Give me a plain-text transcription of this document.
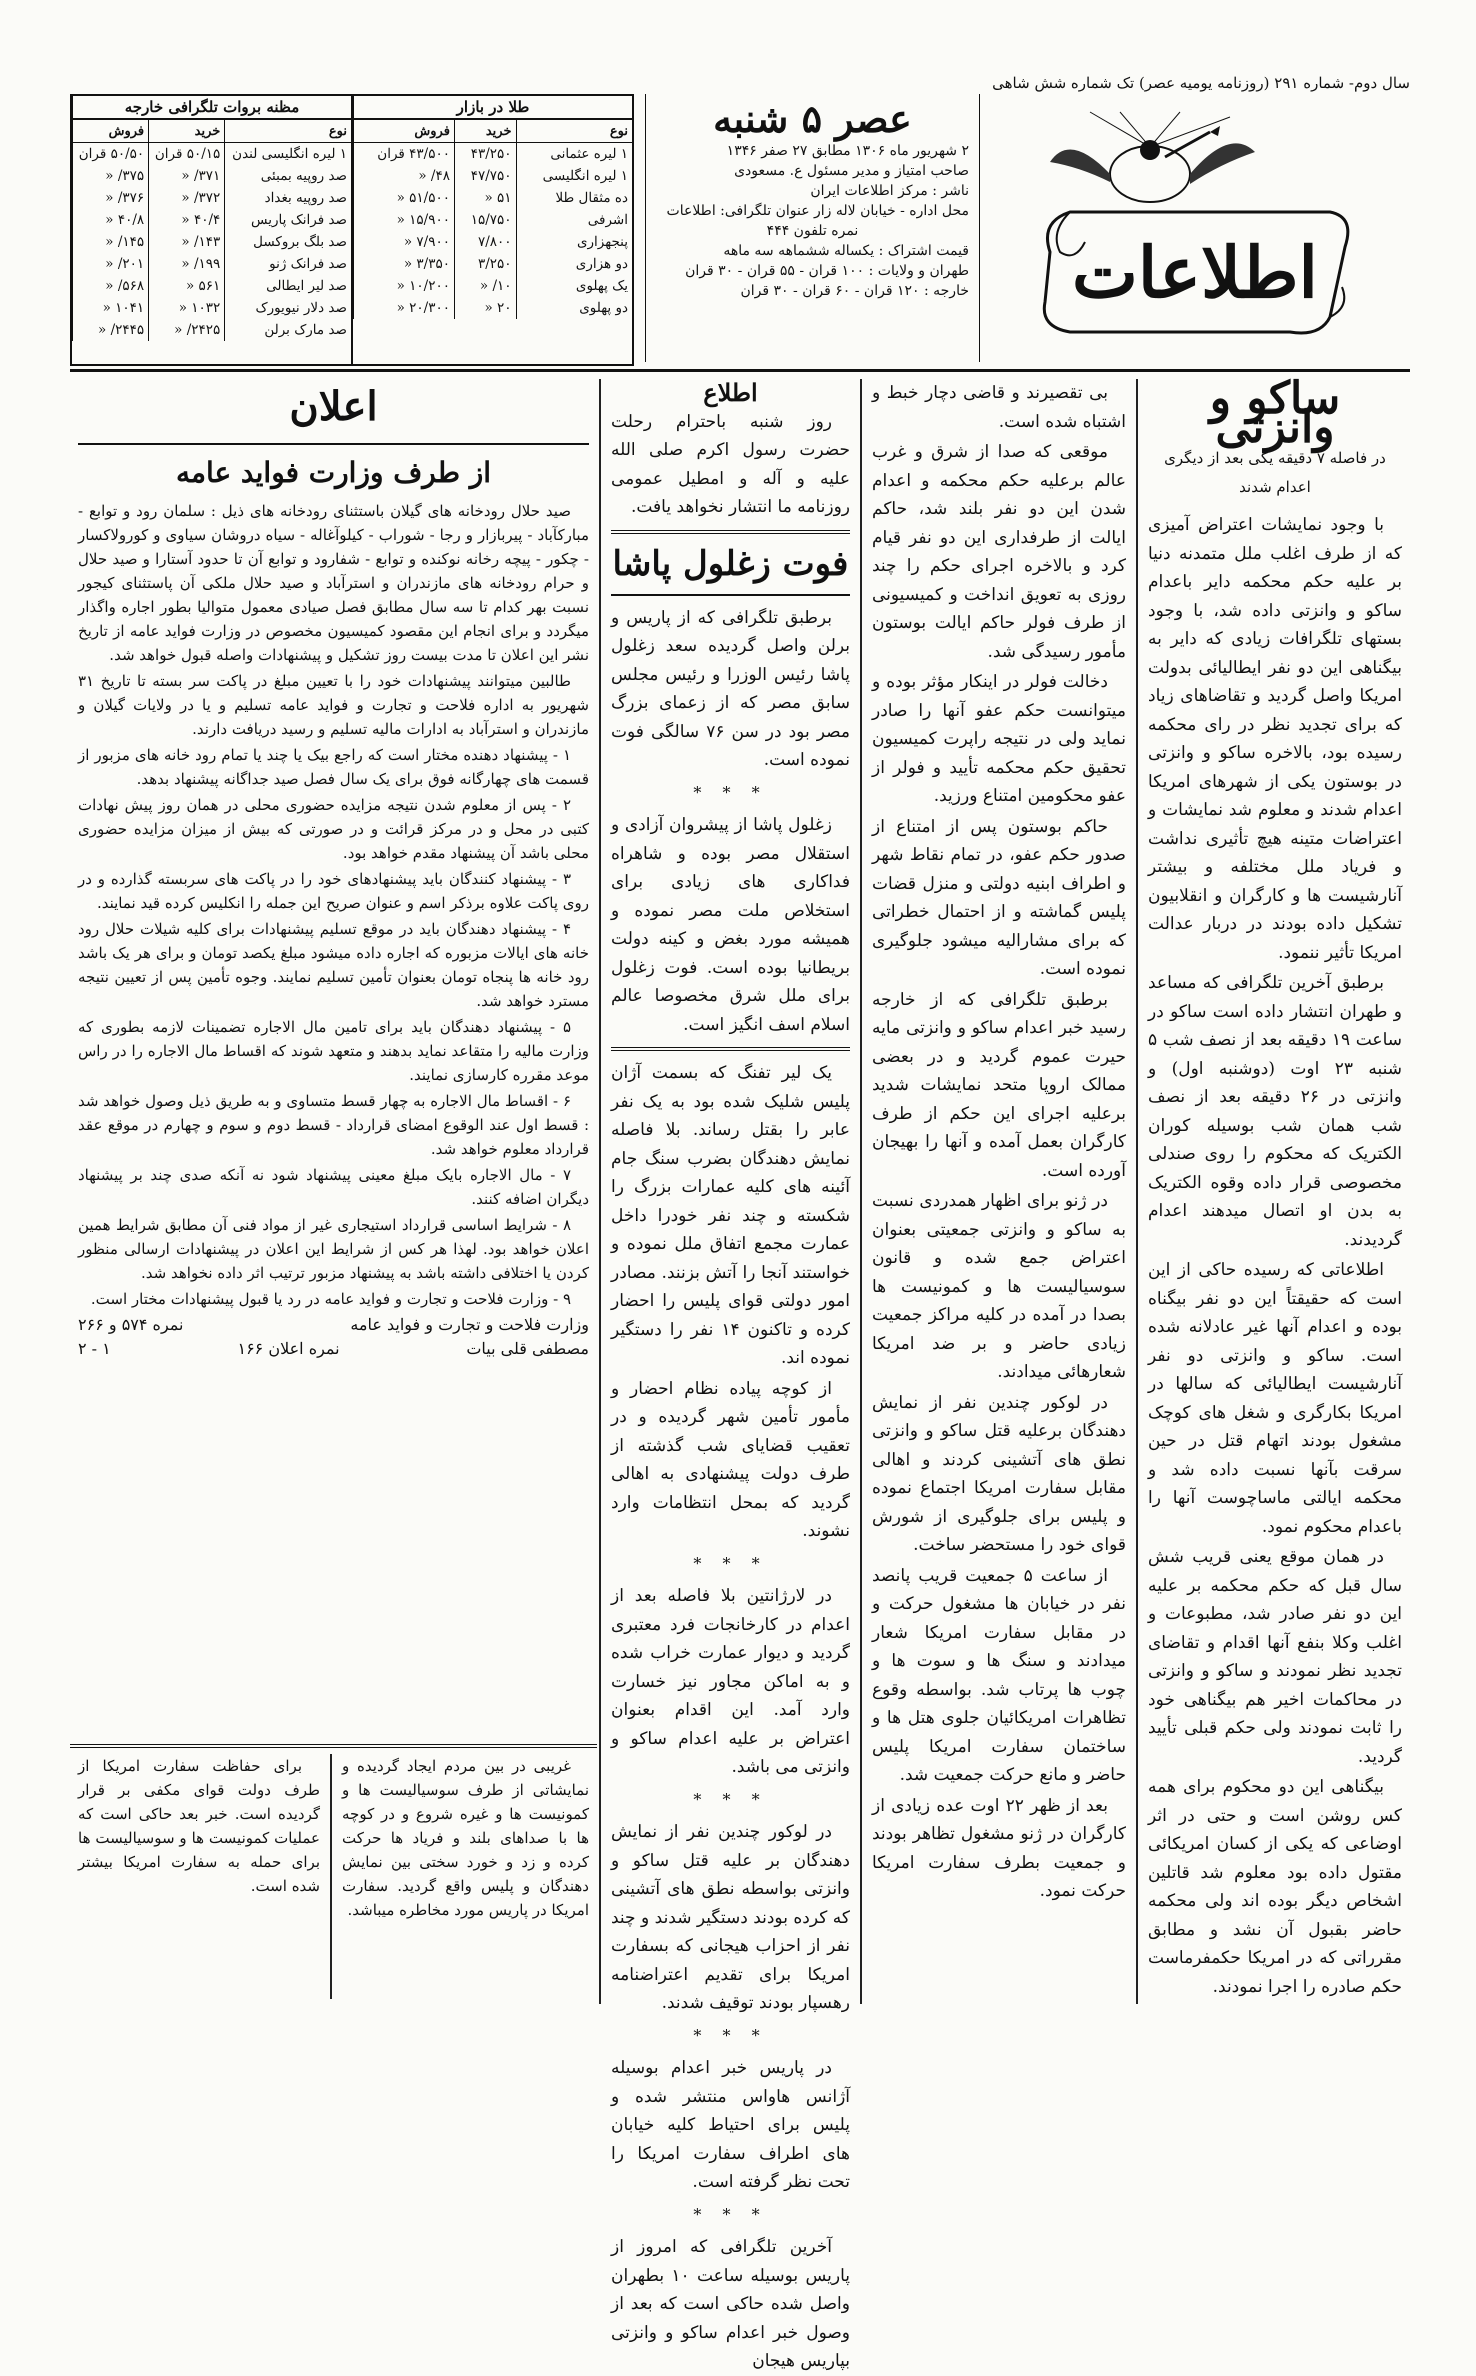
سال دوم- شماره ۲۹۱ (روزنامه یومیه عصر) تک شماره شش شاهی
اطلاعات
عصر ۵ شنبه
۲ شهریور ماه ۱۳۰۶ مطابق ۲۷ صفر ۱۳۴۶
صاحب امتیاز و مدیر مسئول ع. مسعودی
ناشر : مرکز اطلاعات ایران
محل اداره - خیابان لاله زار عنوان تلگرافی: اطلاعات
نمره تلفون ۴۴۴
قیمت اشتراک : یکساله ششماهه سه ماهه
طهران و ولایات : ۱۰۰ قران - ۵۵ قران - ۳۰ قران
خارجه : ۱۲۰ قران - ۶۰ قران - ۳۰ قران
طلا در بازار		
نوع	خرید	فروش
۱ لیره عثمانی	۴۳/۲۵۰	۴۳/۵۰۰ قران
۱ لیره انگلیسی	۴۷/۷۵۰	۴۸/ «
ده مثقال طلا	۵۱ «	۵۱/۵۰۰ «
اشرفی	۱۵/۷۵۰	۱۵/۹۰۰ «
پنجهزاری	۷/۸۰۰	۷/۹۰۰ «
دو هزاری	۳/۲۵۰	۳/۳۵۰ «
یک پهلوی	۱۰/ «	۱۰/۲۰۰ «
دو پهلوی	۲۰ «	۲۰/۳۰۰ «
مظنه بروات تلگرافی خارجه		
نوع	خرید	فروش
۱ لیره انگلیسی لندن	۵۰/۱۵ قران	۵۰/۵۰ قران
صد روپیه بمبئی	۳۷۱/ «	۳۷۵/ «
صد روپیه بغداد	۳۷۲/ «	۳۷۶/ «
صد فرانک پاریس	۴۰/۴ «	۴۰/۸ «
صد بلگ بروکسل	۱۴۳/ «	۱۴۵/ «
صد فرانک ژنو	۱۹۹/ «	۲۰۱/ «
صد لیر ایطالی	۵۶۱ «	۵۶۸/ «
صد دلار نیویورک	۱۰۳۲ «	۱۰۴۱ «
صد مارک برلن	۲۴۲۵/ «	۲۴۴۵/ «
ساکو و وانزتی
در فاصله ۷ دقیقه یکی بعد از دیگری اعدام شدند

با وجود نمایشات اعتراض آمیزی که از طرف اغلب ملل متمدنه دنیا بر علیه حکم محکمه دایر باعدام ساکو و وانزتی داده شد، با وجود بستهای تلگرافات زیادی که دایر به بیگناهی این دو نفر ایطالیائی بدولت امریکا واصل گردید و تقاضاهای زیاد که برای تجدید نظر در رای محکمه رسیده بود، بالاخره ساکو و وانزتی در بوستون یکی از شهرهای امریکا اعدام شدند و معلوم شد نمایشات و اعتراضات متینه هیچ تأثیری نداشت و فریاد ملل مختلفه و بیشتر آنارشیست ها و کارگران و انقلابیون تشکیل داده بودند در دربار عدالت امریکا تأثیر ننمود.

برطبق آخرین تلگرافی که مساعد و طهران انتشار داده است ساکو در ساعت ۱۹ دقیقه بعد از نصف شب ۵ شنبه ۲۳ اوت (دوشنبه اول) و وانزتی در ۲۶ دقیقه بعد از نصف شب همان شب بوسیله کوران الکتریک که محکوم را روی صندلی مخصوصی قرار داده وقوه الکتریک به بدن او اتصال میدهند اعدام گردیدند.

اطلاعاتی که رسیده حاکی از این است که حقیقتاً این دو نفر بیگناه بوده و اعدام آنها غیر عادلانه شده است. ساکو و وانزتی دو نفر آنارشیست ایطالیائی که سالها در امریکا بکارگری و شغل های کوچک مشغول بودند اتهام قتل در حین سرقت بآنها نسبت داده شد و محکمه ایالتی ماساچوست آنها را باعدام محکوم نمود.

در همان موقع یعنی قریب شش سال قبل که حکم محکمه بر علیه این دو نفر صادر شد، مطبوعات و اغلب وکلا بنفع آنها اقدام و تقاضای تجدید نظر نمودند و ساکو و وانزتی در محاکمات اخیر هم بیگناهی خود را ثابت نمودند ولی حکم قبلی تأیید گردید.

بیگناهی این دو محکوم برای همه کس روشن است و حتی در اثر اوضاعی که یکی از کسان امریکائی مقتول داده بود معلوم شد قاتلین اشخاص دیگر بوده اند ولی محکمه حاضر بقبول آن نشد و مطابق مقرراتی که در امریکا حکمفرماست حکم صادره را اجرا نمودند.

بی تقصیرند و قاضی دچار خبط و اشتباه شده است.

موقعی که صدا از شرق و غرب عالم برعلیه حکم محکمه و اعدام شدن این دو نفر بلند شد، حاکم ایالت از طرفداری این دو نفر قیام کرد و بالاخره اجرای حکم را چند روزی به تعویق انداخت و کمیسیونی از طرف فولر حاکم ایالت بوستون مأمور رسیدگی شد.

دخالت فولر در اینکار مؤثر بوده و میتوانست حکم عفو آنها را صادر نماید ولی در نتیجه راپرت کمیسیون تحقیق حکم محکمه تأیید و فولر از عفو محکومین امتناع ورزید.

حاکم بوستون پس از امتناع از صدور حکم عفو، در تمام نقاط شهر و اطراف ابنیه دولتی و منزل قضات پلیس گماشته و از احتمال خطراتی که برای مشارالیه میشود جلوگیری نموده است.

برطبق تلگرافی که از خارجه رسید خبر اعدام ساکو و وانزتی مایه حیرت عموم گردید و در بعضی ممالک اروپا متحد نمایشات شدید برعلیه اجرای این حکم از طرف کارگران بعمل آمده و آنها را بهیجان آورده است.

در ژنو برای اظهار همدردی نسبت به ساکو و وانزتی جمعیتی بعنوان اعتراض جمع شده و قانون سوسیالیست ها و کمونیست ها بصدا در آمده در کلیه مراکز جمعیت زیادی حاضر و بر ضد امریکا شعارهائی میدادند.

در لوکور چندین نفر از نمایش دهندگان برعلیه قتل ساکو و وانزتی نطق های آتشینی کردند و اهالی مقابل سفارت امریکا اجتماع نموده و پلیس برای جلوگیری از شورش قوای خود را مستحضر ساخت.

از ساعت ۵ جمعیت قریب پانصد نفر در خیابان ها مشغول حرکت و در مقابل سفارت امریکا شعار میدادند و سنگ ها و سوت ها و چوب ها پرتاب شد. بواسطه وقوع تظاهرات امریکائیان جلوی هتل ها و ساختمان سفارت امریکا پلیس حاضر و مانع حرکت جمعیت شد.

بعد از ظهر ۲۲ اوت عده زیادی از کارگران در ژنو مشغول تظاهر بودند و جمعیت بطرف سفارت امریکا حرکت نمود.

اطلاع

روز شنبه باحترام رحلت حضرت رسول اکرم صلی الله علیه و آله و امطیل عمومی روزنامه ما انتشار نخواهد یافت.

فوت زغلول پاشا

برطبق تلگرافی که از پاریس و برلن واصل گردیده سعد زغلول پاشا رئیس الوزرا و رئیس مجلس سابق مصر که از زعمای بزرگ مصر بود در سن ۷۶ سالگی فوت نموده است.

* * *

زغلول پاشا از پیشروان آزادی و استقلال مصر بوده و شاهراه فداکاری های زیادی برای استخلاص ملت مصر نموده و همیشه مورد بغض و کینه دولت بریطانیا بوده است. فوت زغلول برای ملل شرق مخصوصا عالم اسلام اسف انگیز است.

یک لیر تفنگ که بسمت آژان پلیس شلیک شده بود به یک نفر عابر را بقتل رساند. بلا فاصله نمایش دهندگان بضرب سنگ جام آئینه های کلیه عمارات بزرگ را شکسته و چند نفر خودرا داخل عمارت مجمع اتفاق ملل نموده و خواستند آنجا را آتش بزنند. مصادر امور دولتی قوای پلیس را احضار کرده و تاکنون ۱۴ نفر را دستگیر نموده اند.

از کوچه پیاده نظام احضار و مأمور تأمین شهر گردیده و در تعقیب قضایای شب گذشته از طرف دولت پیشنهادی به اهالی گردید که بمحل انتظامات وارد نشوند.

* * *

در لارژانتین بلا فاصله بعد از اعدام در کارخانجات فرد معتبری گردید و دیوار عمارت خراب شده و به اماکن مجاور نیز خسارت وارد آمد. این اقدام بعنوان اعتراض بر علیه اعدام ساکو و وانزتی می باشد.

* * *

در لوکور چندین نفر از نمایش دهندگان بر علیه قتل ساکو و وانزتی بواسطه نطق های آتشینی که کرده بودند دستگیر شدند و چند نفر از احزاب هیجانی که بسفارت امریکا برای تقدیم اعتراضنامه رهسپار بودند توقیف شدند.

* * *

در پاریس خبر اعدام بوسیله آژانس هاواس منتشر شده و پلیس برای احتیاط کلیه خیابان های اطراف سفارت امریکا را تحت نظر گرفته است.

* * *

آخرین تلگرافی که امروز از پاریس بوسیله ساعت ۱۰ بطهران واصل شده حاکی است که بعد از وصول خبر اعدام ساکو و وانزتی بپاریس هیجان

اعلان
از طرف وزارت فواید عامه

صید حلال رودخانه های گیلان باستثنای رودخانه های ذیل : سلمان رود و توابع - مبارکآباد - پیربازار و رجا - شوراب - کیلوآغاله - سیاه دروشان سیاوی و کورولاکسار - چکور - پیچه رخانه نوکنده و توابع - شفارود و توابع آن تا حدود آستارا و صید حلال و حرام رودخانه های مازندران و استرآباد و صید حلال ملکی آن پاستثنای کیجور نسبت بهر کدام تا سه سال مطابق فصل صیادی معمول متوالیا بطور اجاره واگذار میگردد و برای انجام این مقصود کمیسیون مخصوص در وزارت فواید عامه از تاریخ نشر این اعلان تا مدت بیست روز تشکیل و پیشنهادات واصله قبول خواهد شد.

طالبین میتوانند پیشنهادات خود را با تعیین مبلغ در پاکت سر بسته تا تاریخ ۳۱ شهریور به اداره فلاحت و تجارت و فواید عامه تسلیم و یا در ولایات گیلان و مازندران و استرآباد به ادارات مالیه تسلیم و رسید دریافت دارند.

۱ - پیشنهاد دهنده مختار است که راجع بیک یا چند یا تمام رود خانه های مزبور از قسمت های چهارگانه فوق برای یک سال فصل صید جداگانه پیشنهاد بدهد.

۲ - پس از معلوم شدن نتیجه مزایده حضوری محلی در همان روز پیش نهادات کتبی در محل و در مرکز قرائت و در صورتی که بیش از میزان مزایده حضوری محلی باشد آن پیشنهاد مقدم خواهد بود.

۳ - پیشنهاد کنندگان باید پیشنهادهای خود را در پاکت های سربسته گذارده و در روی پاکت علاوه برذکر اسم و عنوان صریح این جمله را انکلیس کرده قید نمایند.

۴ - پیشنهاد دهندگان باید در موقع تسلیم پیشنهادات برای کلیه شیلات حلال رود خانه های ایالات مزبوره که اجاره داده میشود مبلغ یکصد تومان و برای هر یک باشد رود خانه ها پنجاه تومان بعنوان تأمین تسلیم نمایند. وجوه تأمین پس از تعیین نتیجه مسترد خواهد شد.

۵ - پیشنهاد دهندگان باید برای تامین مال الاجاره تضمینات لازمه بطوری که وزارت مالیه را متقاعد نماید بدهند و متعهد شوند که اقساط مال الاجاره را در راس موعد مقرره کارسازی نمایند.

۶ - اقساط مال الاجاره به چهار قسط متساوی و به طریق ذیل وصول خواهد شد : قسط اول عند الوقوع امضای قرارداد - قسط دوم و سوم و چهارم در موقع عقد قرارداد معلوم خواهد شد.

۷ - مال الاجاره بایک مبلغ معینی پیشنهاد شود نه آنکه صدی چند بر پیشنهاد دیگران اضافه کنند.

۸ - شرایط اساسی قرارداد استیجاری غیر از مواد فنی آن مطابق شرایط همین اعلان خواهد بود. لهذا هر کس از شرایط این اعلان در پیشنهادات ارسالی منظور کردن یا اختلافی داشته باشد به پیشنهاد مزبور ترتیب اثر داده نخواهد شد.

۹ - وزارت فلاحت و تجارت و فواید عامه در رد یا قبول پیشنهادات مختار است.

وزارت فلاحت و تجارت و فواید عامه
نمره ۵۷۴ و ۲۶۶
مصطفی قلی بیات
نمره اعلان ۱۶۶
۱ - ۲

غریبی در بین مردم ایجاد گردیده و نمایشاتی از طرف سوسیالیست ها و کمونیست ها و غیره شروع و در کوچه ها با صداهای بلند و فریاد ها حرکت کرده و زد و خورد سختی بین نمایش دهندگان و پلیس واقع گردید. سفارت امریکا در پاریس مورد مخاطره میباشد.

برای حفاظت سفارت امریکا از طرف دولت قوای مکفی بر قرار گردیده است. خبر بعد حاکی است که عملیات کمونیست ها و سوسیالیست ها برای حمله به سفارت امریکا بیشتر شده است.
